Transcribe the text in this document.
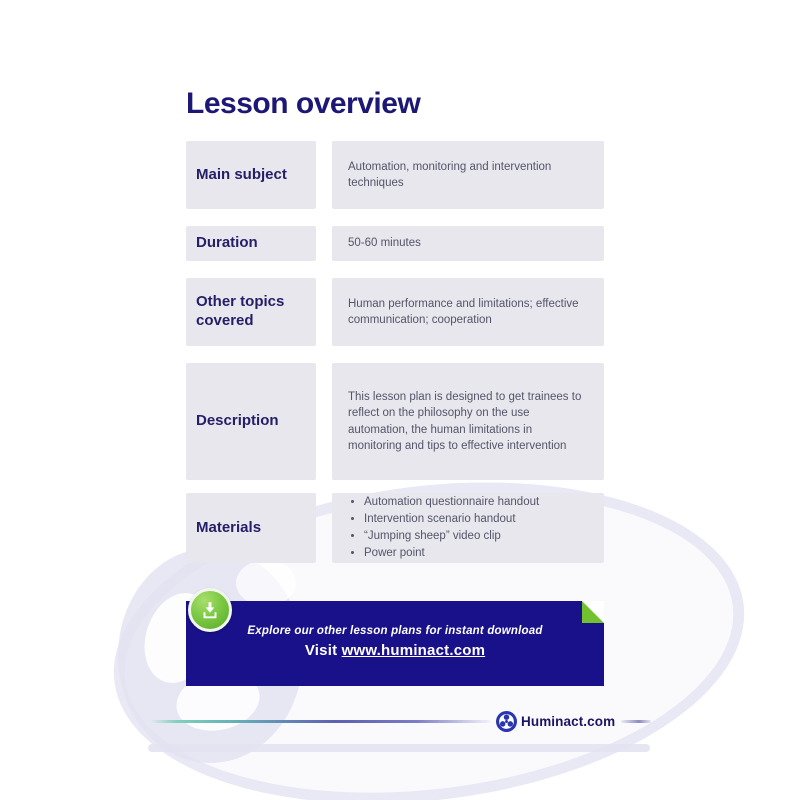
Lesson overview
Main subject	Automation, monitoring and intervention techniques
Duration	50-60 minutes
Other topics covered
Human performance and limitations; effective communication; cooperation
Description
This lesson plan is designed to get trainees to reflect on the philosophy on the use automation, the human limitations in monitoring and tips to effective intervention
Materials
• Automation questionnaire handout
• Intervention scenario handout
• “Jumping sheep” video clip
• Power point
Explore our other lesson plans for instant download
Visit www.huminact.com
Huminact.com
